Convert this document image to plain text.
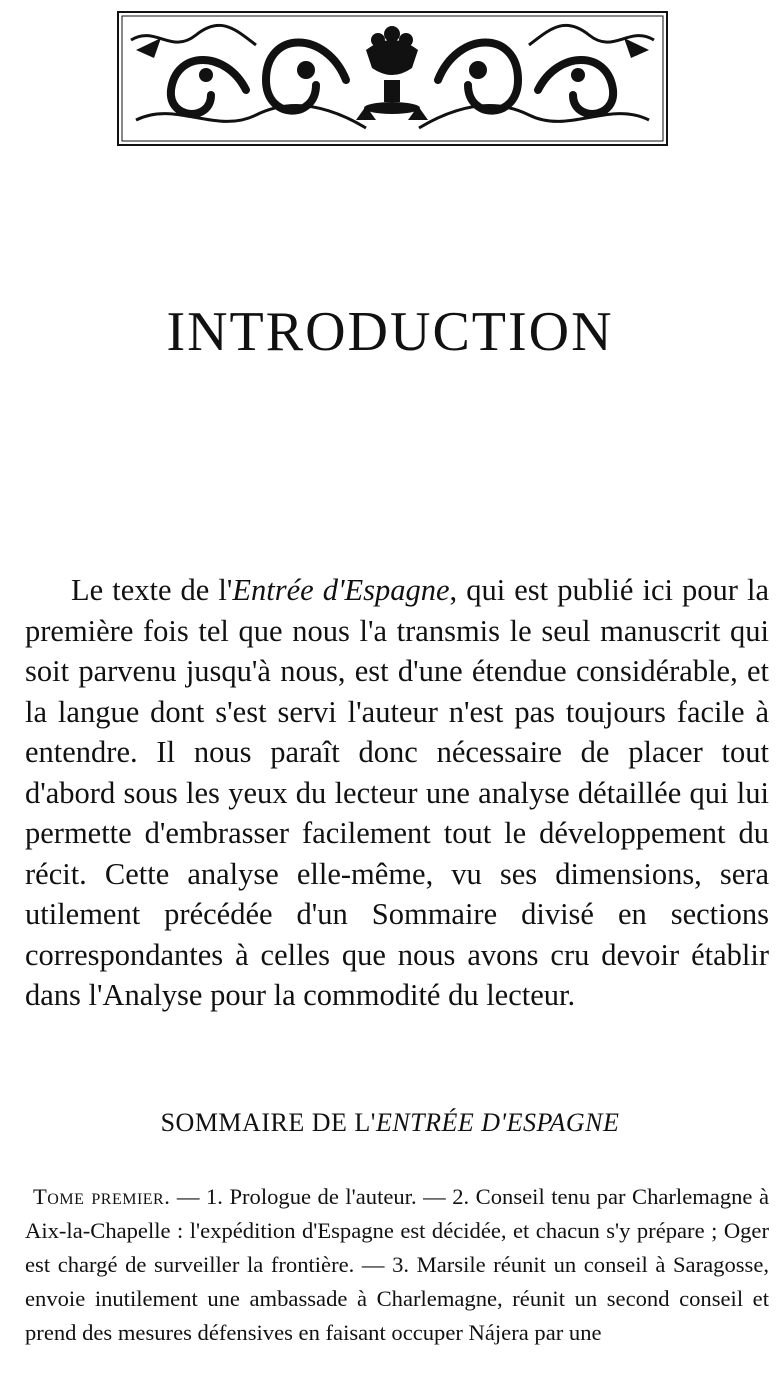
INTRODUCTION

Le texte de l'Entrée d'Espagne, qui est publié ici pour la première fois tel que nous l'a transmis le seul manuscrit qui soit parvenu jusqu'à nous, est d'une étendue considérable, et la langue dont s'est servi l'auteur n'est pas toujours facile à entendre. Il nous paraît donc nécessaire de placer tout d'abord sous les yeux du lecteur une analyse détaillée qui lui permette d'embrasser facilement tout le développement du récit. Cette analyse elle-même, vu ses dimensions, sera utilement précédée d'un Sommaire divisé en sections correspondantes à celles que nous avons cru devoir établir dans l'Analyse pour la commodité du lecteur.

SOMMAIRE DE L'ENTRÉE D'ESPAGNE

Tome premier. — 1. Prologue de l'auteur. — 2. Conseil tenu par Charlemagne à Aix-la-Chapelle : l'expédition d'Espagne est décidée, et chacun s'y prépare ; Oger est chargé de surveiller la frontière. — 3. Marsile réunit un conseil à Saragosse, envoie inutilement une ambassade à Charlemagne, réunit un second conseil et prend des mesures défensives en faisant occuper Nájera par une
